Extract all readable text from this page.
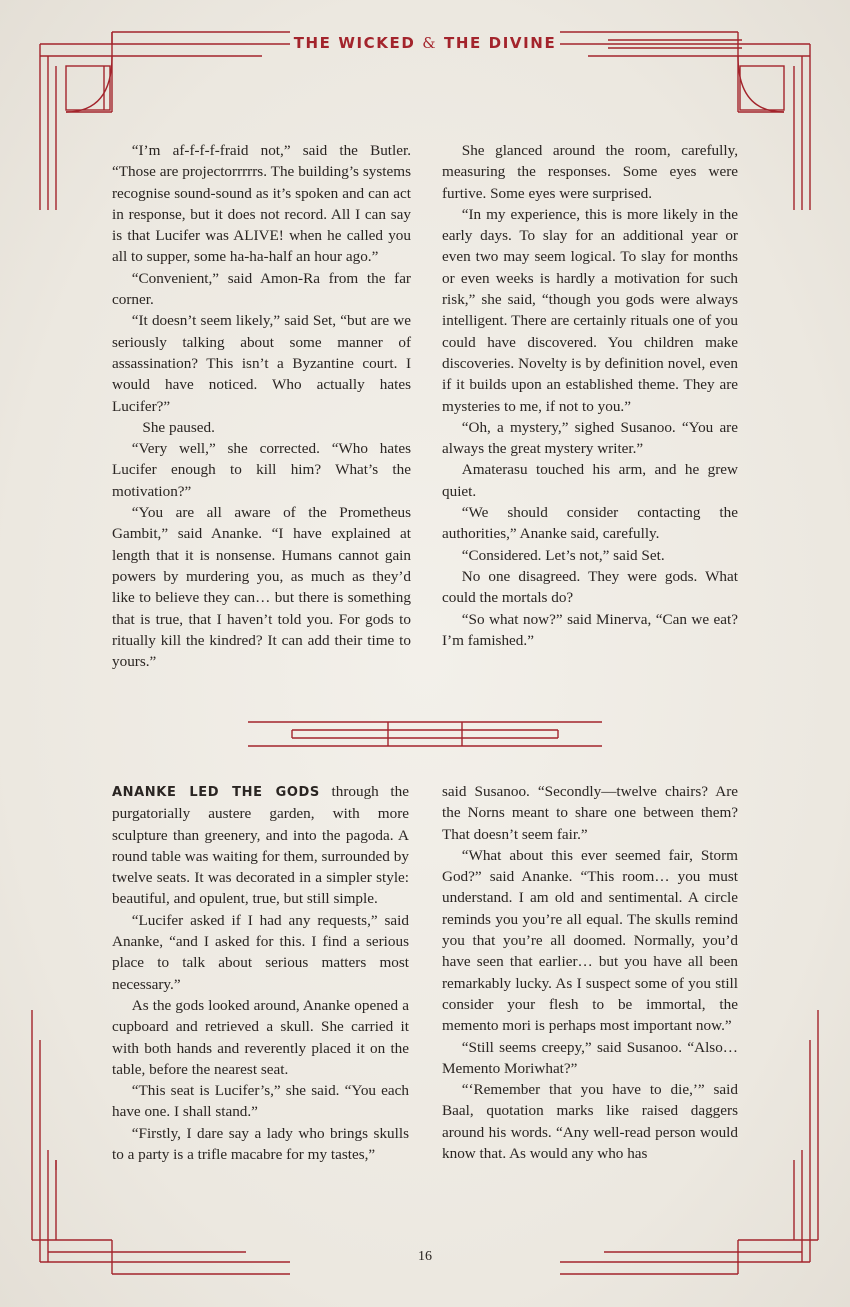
THE WICKED & THE DIVINE

“I’m af-f-f-f-fraid not,” said the Butler. “Those are projectorrrrrs. The building’s systems recognise sound-sound as it’s spoken and can act in response, but it does not record. All I can say is that Lucifer was ALIVE! when he called you all to supper, some ha-ha-half an hour ago.”

“Convenient,” said Amon-Ra from the far corner.

“It doesn’t seem likely,” said Set, “but are we seriously talking about some manner of assassination? This isn’t a Byzantine court. I would have noticed. Who actually hates Lucifer?”

She paused.

“Very well,” she corrected. “Who hates Lucifer enough to kill him? What’s the motivation?”

“You are all aware of the Prometheus Gambit,” said Ananke. “I have explained at length that it is nonsense. Humans cannot gain powers by murdering you, as much as they’d like to believe they can… but there is something that is true, that I haven’t told you. For gods to ritually kill the kindred? It can add their time to yours.”

She glanced around the room, carefully, measuring the responses. Some eyes were furtive. Some eyes were surprised.

“In my experience, this is more likely in the early days. To slay for an additional year or even two may seem logical. To slay for months or even weeks is hardly a motivation for such risk,” she said, “though you gods were always intelligent. There are certainly rituals one of you could have discovered. You children make discoveries. Novelty is by definition novel, even if it builds upon an established theme. They are mysteries to me, if not to you.”

“Oh, a mystery,” sighed Susanoo. “You are always the great mystery writer.”

Amaterasu touched his arm, and he grew quiet.

“We should consider contacting the authorities,” Ananke said, carefully.

“Considered. Let’s not,” said Set.

No one disagreed. They were gods. What could the mortals do?

“So what now?” said Minerva, “Can we eat? I’m famished.”

ANANKE LED THE GODS through the purgatorially austere garden, with more sculpture than greenery, and into the pagoda. A round table was waiting for them, surrounded by twelve seats. It was decorated in a simpler style: beautiful, and opulent, true, but still simple.

“Lucifer asked if I had any requests,” said Ananke, “and I asked for this. I find a serious place to talk about serious matters most necessary.”

As the gods looked around, Ananke opened a cupboard and retrieved a skull. She carried it with both hands and reverently placed it on the table, before the nearest seat.

“This seat is Lucifer’s,” she said. “You each have one. I shall stand.”

“Firstly, I dare say a lady who brings skulls to a party is a trifle macabre for my tastes,”

said Susanoo. “Secondly—twelve chairs? Are the Norns meant to share one between them? That doesn’t seem fair.”

“What about this ever seemed fair, Storm God?” said Ananke. “This room… you must understand. I am old and sentimental. A circle reminds you you’re all equal. The skulls remind you that you’re all doomed. Normally, you’d have seen that earlier… but you have all been remarkably lucky. As I suspect some of you still consider your flesh to be immortal, the memento mori is perhaps most important now.”

“Still seems creepy,” said Susanoo. “Also… Memento Moriwhat?”

“‘Remember that you have to die,’” said Baal, quotation marks like raised daggers around his words. “Any well-read person would know that. As would any who has

16
